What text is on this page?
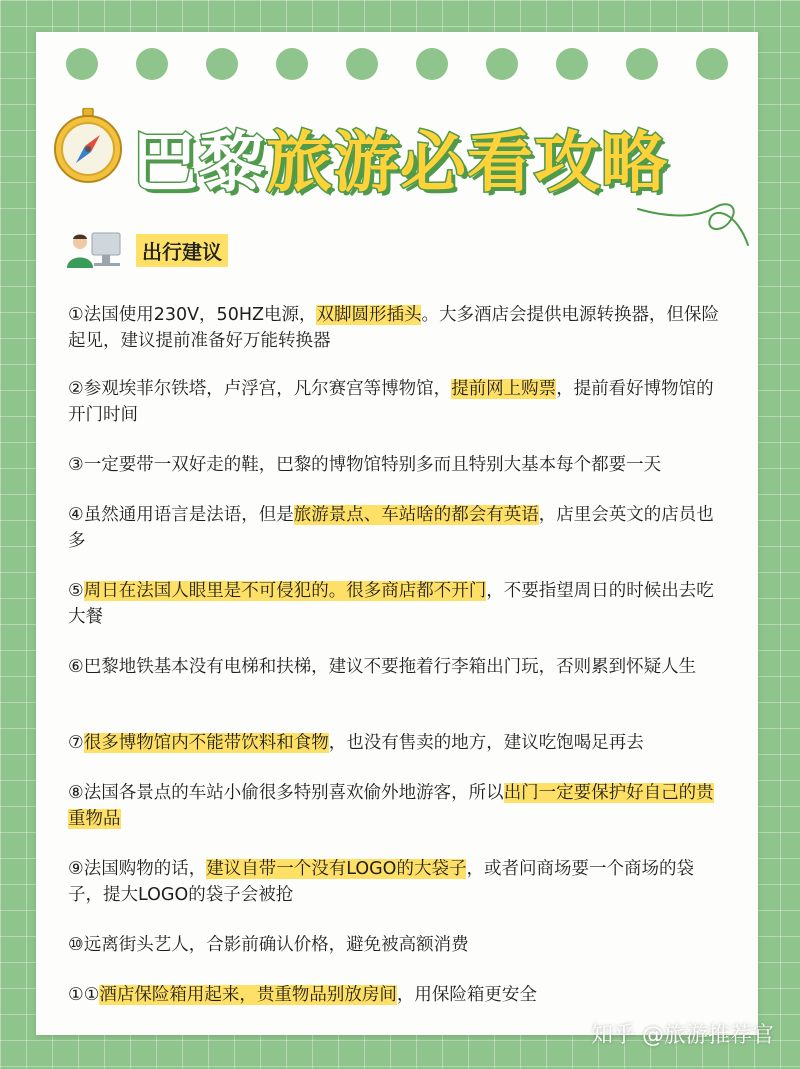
巴黎 旅游必看攻略
出行建议

①法国使用230V，50HZ电源，双脚圆形插头。大多酒店会提供电源转换器，但保险起见，建议提前准备好万能转换器

②参观埃菲尔铁塔，卢浮宫，凡尔赛宫等博物馆，提前网上购票，提前看好博物馆的开门时间

③一定要带一双好走的鞋，巴黎的博物馆特别多而且特别大基本每个都要一天

④虽然通用语言是法语，但是旅游景点、车站啥的都会有英语，店里会英文的店员也多

⑤周日在法国人眼里是不可侵犯的。很多商店都不开门，不要指望周日的时候出去吃大餐

⑥巴黎地铁基本没有电梯和扶梯，建议不要拖着行李箱出门玩，否则累到怀疑人生

⑦很多博物馆内不能带饮料和食物，也没有售卖的地方，建议吃饱喝足再去

⑧法国各景点的车站小偷很多特别喜欢偷外地游客，所以出门一定要保护好自己的贵重物品

⑨法国购物的话，建议自带一个没有LOGO的大袋子，或者问商场要一个商场的袋子，提大LOGO的袋子会被抢

⑩远离街头艺人，合影前确认价格，避免被高额消费

①①酒店保险箱用起来，贵重物品别放房间，用保险箱更安全

知乎 @旅游推荐官
